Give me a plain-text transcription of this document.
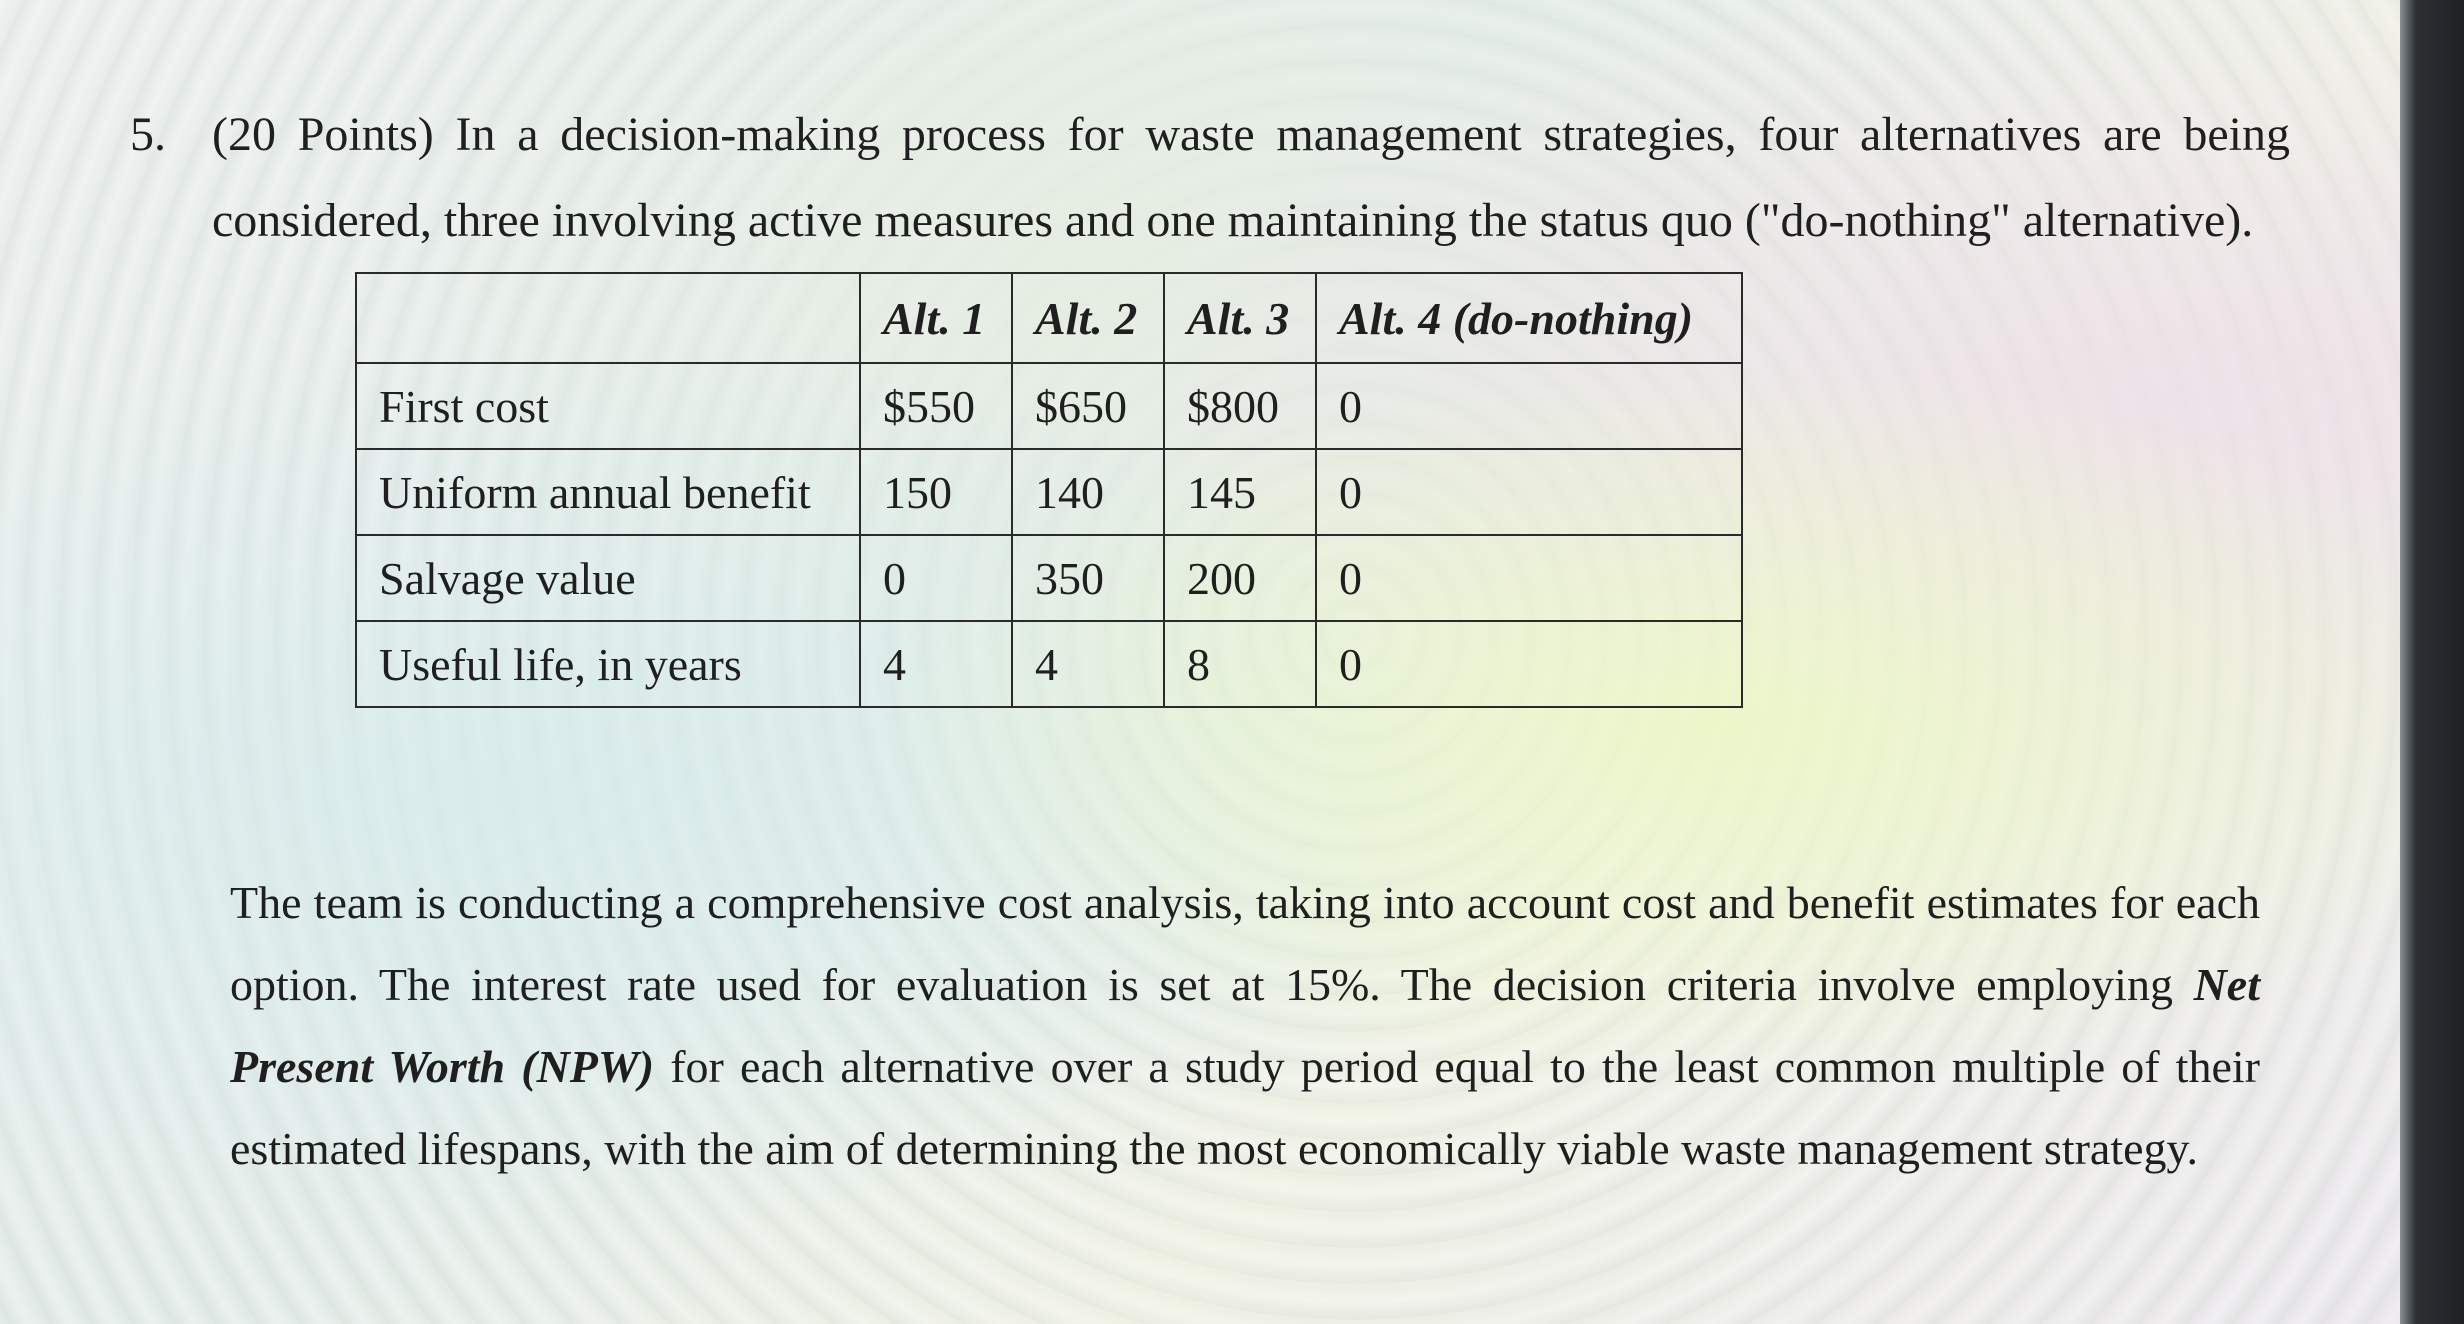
5. (20 Points) In a decision-making process for waste management strategies, four alternatives are being considered, three involving active measures and one maintaining the status quo ("do-nothing" alternative).
	Alt. 1	Alt. 2	Alt. 3	Alt. 4 (do-nothing)
First cost	$550	$650	$800	0
Uniform annual benefit	150	140	145	0
Salvage value	0	350	200	0
Useful life, in years	4	4	8	0
The team is conducting a comprehensive cost analysis, taking into account cost and benefit estimates for each option. The interest rate used for evaluation is set at 15%. The decision criteria involve employing Net Present Worth (NPW) for each alternative over a study period equal to the least common multiple of their estimated lifespans, with the aim of determining the most economically viable waste management strategy.
